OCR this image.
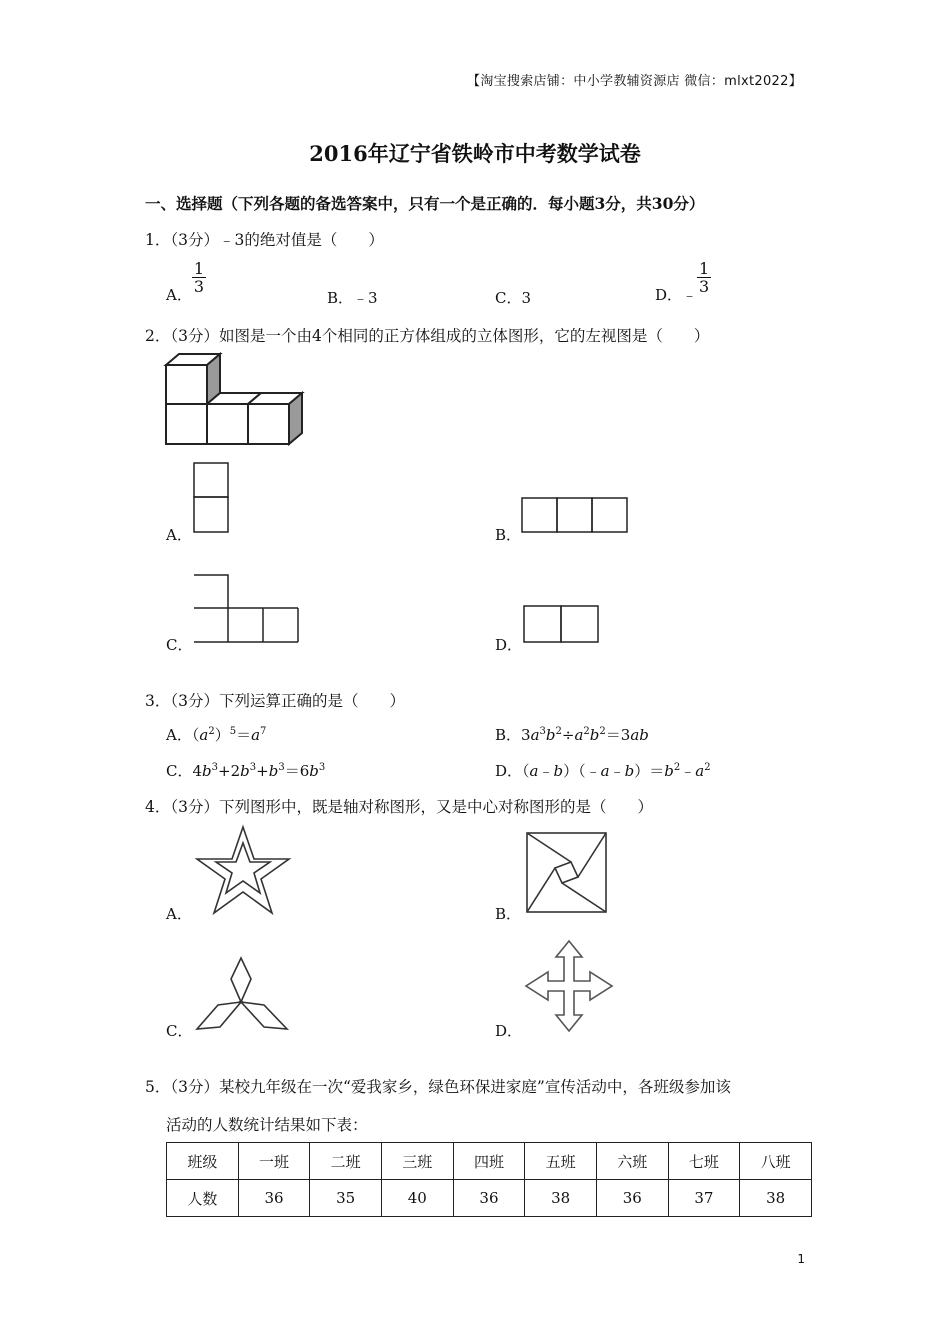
【淘宝搜索店铺：中小学教辅资源店 微信：mlxt2022】
2016年辽宁省铁岭市中考数学试卷
一、选择题（下列各题的备选答案中，只有一个是正确的．每小题3分，共30分）
1．（3分）﹣3的绝对值是（　　）
A． $\frac{1}{3}$
B．﹣3	C．3	D．﹣ $\frac{1}{3}$
2．（3分）如图是一个由4个相同的正方体组成的立体图形，它的左视图是（　　）
A．	B．
C．	D．
3．（3分）下列运算正确的是（　　）
A．$(a^2)^5=a^7$	B．$3a^3b^2\div a^2b^2=3ab$
C．$4b^3+2b^3+b^3=6b^3$	D．$(a﹣b)(﹣a﹣b)=b^2﹣a^2$
4．（3分）下列图形中，既是轴对称图形，又是中心对称图形的是（　　）
A．	B．
C．	D．
5．（3分）某校九年级在一次“爱我家乡，绿色环保进家庭”宣传活动中，各班级参加该
活动的人数统计结果如下表：
班级	一班	二班	三班	四班	五班	六班	七班	八班
人数	36	35	40	36	38	36	37	38
1
